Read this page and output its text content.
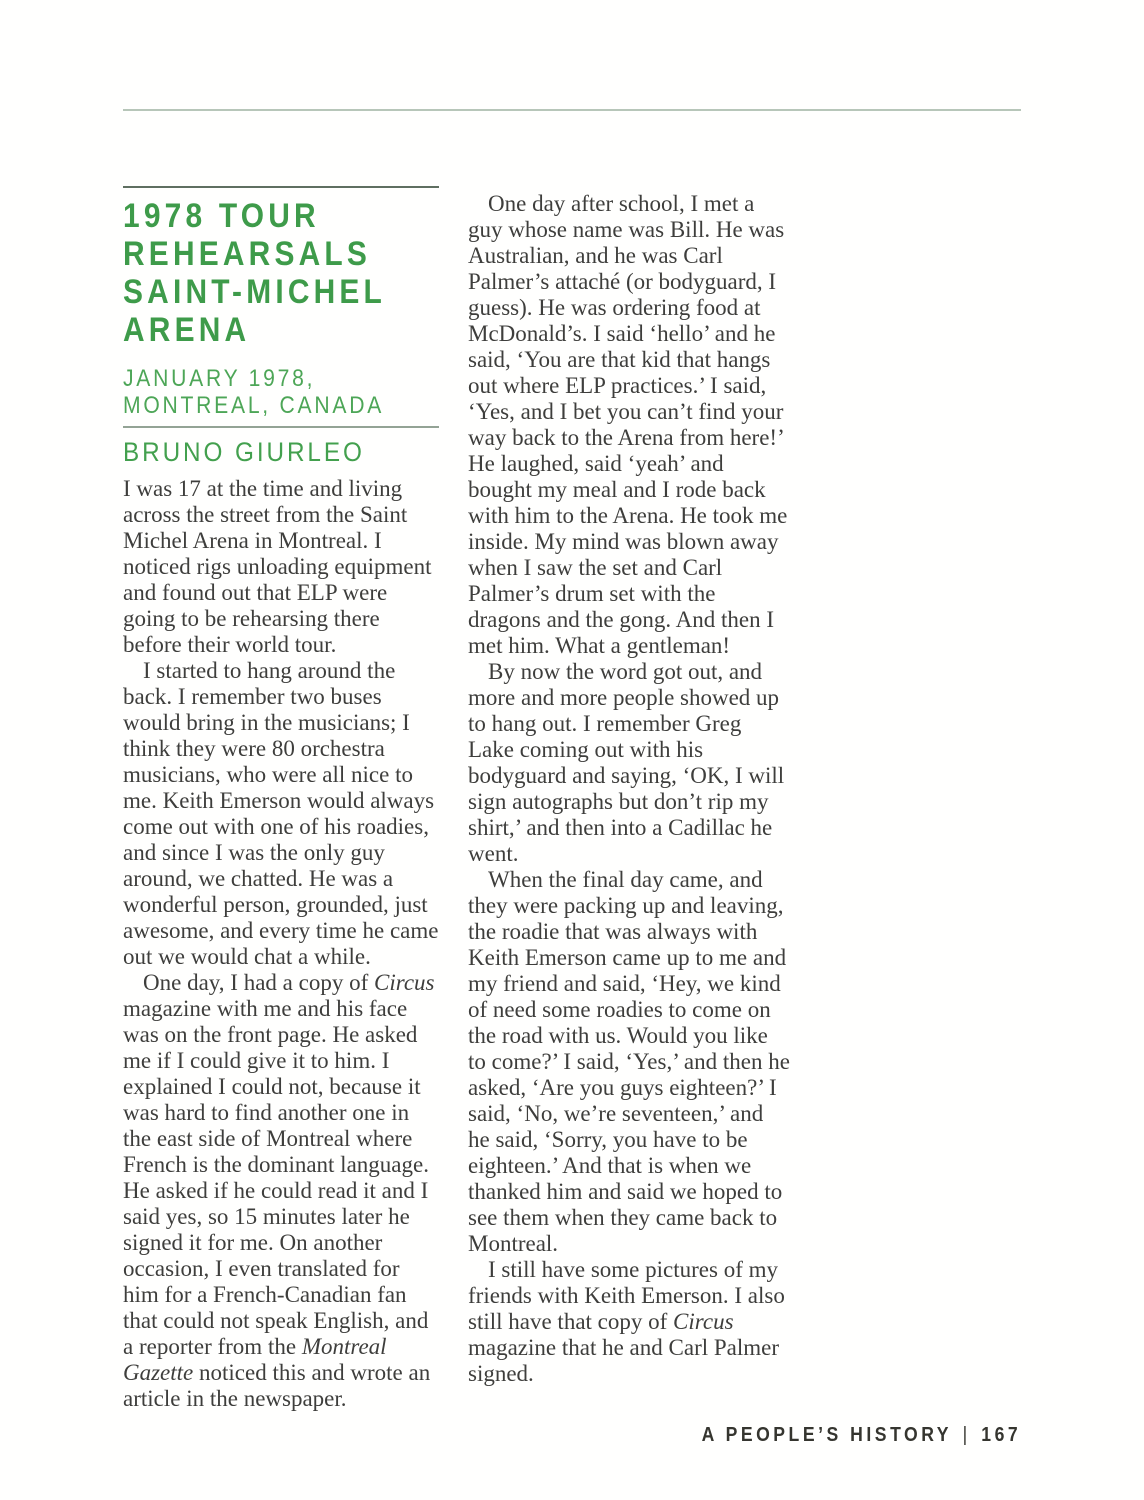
1978 TOUR
REHEARSALS
SAINT-MICHEL
ARENA
JANUARY 1978,
MONTREAL, CANADA
BRUNO GIURLEO

I was 17 at the time and living across the street from the Saint Michel Arena in Montreal. I noticed rigs unloading equipment and found out that ELP were going to be rehearsing there before their world tour.

I started to hang around the back. I remember two buses would bring in the musicians; I think they were 80 orchestra musicians, who were all nice to me. Keith Emerson would always come out with one of his roadies, and since I was the only guy around, we chatted. He was a wonderful person, grounded, just awesome, and every time he came out we would chat a while.

One day, I had a copy of Circus magazine with me and his face was on the front page. He asked me if I could give it to him. I explained I could not, because it was hard to find another one in the east side of Montreal where French is the dominant language. He asked if he could read it and I said yes, so 15 minutes later he signed it for me. On another occasion, I even translated for him for a French-Canadian fan that could not speak English, and a reporter from the Montreal Gazette noticed this and wrote an article in the newspaper.

One day after school, I met a guy whose name was Bill. He was Australian, and he was Carl Palmer’s attaché (or bodyguard, I guess). He was ordering food at McDonald’s. I said ‘hello’ and he said, ‘You are that kid that hangs out where ELP practices.’ I said, ‘Yes, and I bet you can’t find your way back to the Arena from here!’ He laughed, said ‘yeah’ and bought my meal and I rode back with him to the Arena. He took me inside. My mind was blown away when I saw the set and Carl Palmer’s drum set with the dragons and the gong. And then I met him. What a gentleman!

By now the word got out, and more and more people showed up to hang out. I remember Greg Lake coming out with his bodyguard and saying, ‘OK, I will sign autographs but don’t rip my shirt,’ and then into a Cadillac he went.

When the final day came, and they were packing up and leaving, the roadie that was always with Keith Emerson came up to me and my friend and said, ‘Hey, we kind of need some roadies to come on the road with us. Would you like to come?’ I said, ‘Yes,’ and then he asked, ‘Are you guys eighteen?’ I said, ‘No, we’re seventeen,’ and he said, ‘Sorry, you have to be eighteen.’ And that is when we thanked him and said we hoped to see them when they came back to Montreal.

I still have some pictures of my friends with Keith Emerson. I also still have that copy of Circus magazine that he and Carl Palmer signed.

A PEOPLE’S HISTORY | 167
